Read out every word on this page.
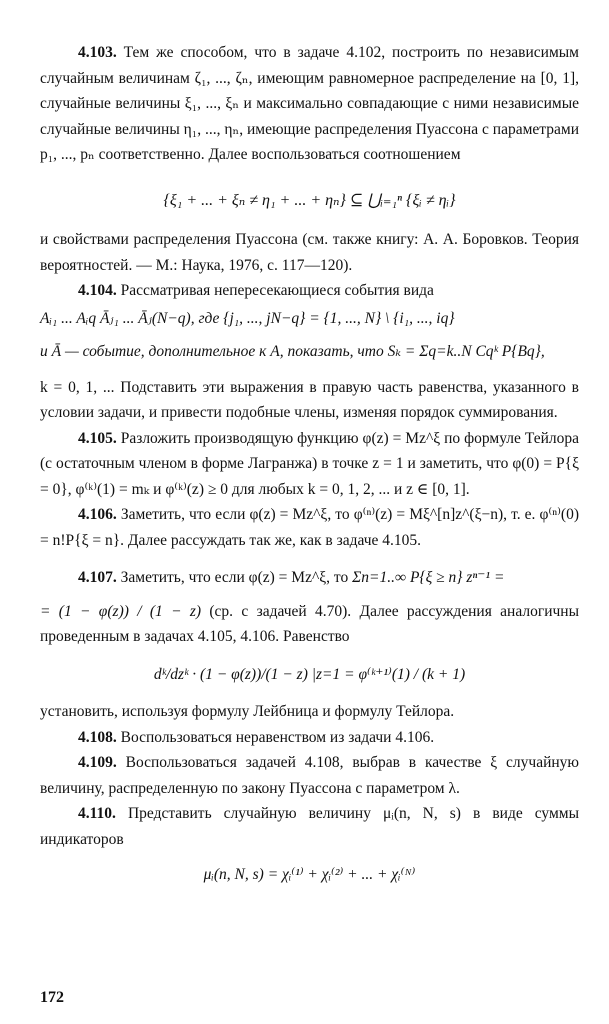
4.103. Тем же способом, что в задаче 4.102, построить по независимым случайным величинам ζ₁, ..., ζₙ, имеющим равномерное распределение на [0, 1], случайные величины ξ₁, ..., ξₙ и максимально совпадающие с ними независимые случайные величины η₁, ..., ηₙ, имеющие распределения Пуассона с параметрами p₁, ..., pₙ соответственно. Далее воспользоваться соотношением

{ξ₁ + ... + ξₙ ≠ η₁ + ... + ηₙ} ⊆ ⋃ᵢ₌₁ⁿ {ξᵢ ≠ ηᵢ}

и свойствами распределения Пуассона (см. также книгу: А. А. Боровков. Теория вероятностей. — М.: Наука, 1976, с. 117—120).

4.104. Рассматривая непересекающиеся события вида

Aᵢ₁ ... Aᵢq Āⱼ₁ ... Āⱼ(N−q), где {j₁, ..., jN−q} = {1, ..., N} \ {i₁, ..., iq}
и Ā — событие, дополнительное к A, показать, что Sₖ = Σq=k..N Cqᵏ P{Bq},

k = 0, 1, ... Подставить эти выражения в правую часть равенства, указанного в условии задачи, и привести подобные члены, изменяя порядок суммирования.

4.105. Разложить производящую функцию φ(z) = Mz^ξ по формуле Тейлора (с остаточным членом в форме Лагранжа) в точке z = 1 и заметить, что φ(0) = P{ξ = 0}, φ⁽ᵏ⁾(1) = mₖ и φ⁽ᵏ⁾(z) ≥ 0 для любых k = 0, 1, 2, ... и z ∈ [0, 1].

4.106. Заметить, что если φ(z) = Mz^ξ, то φ⁽ⁿ⁾(z) = Mξ^[n]z^(ξ−n), т. е. φ⁽ⁿ⁾(0) = n!P{ξ = n}. Далее рассуждать так же, как в задаче 4.105.

4.107. Заметить, что если φ(z) = Mz^ξ, то Σn=1..∞ P{ξ ≥ n} zⁿ⁻¹ =

= (1 − φ(z)) / (1 − z) (ср. с задачей 4.70). Далее рассуждения аналогичны проведенным в задачах 4.105, 4.106. Равенство

dᵏ/dzᵏ · (1 − φ(z))/(1 − z) |z=1 = φ⁽ᵏ⁺¹⁾(1) / (k + 1)

установить, используя формулу Лейбница и формулу Тейлора.

4.108. Воспользоваться неравенством из задачи 4.106.

4.109. Воспользоваться задачей 4.108, выбрав в качестве ξ случайную величину, распределенную по закону Пуассона с параметром λ.

4.110. Представить случайную величину μᵢ(n, N, s) в виде суммы индикаторов

μᵢ(n, N, s) = χᵢ⁽¹⁾ + χᵢ⁽²⁾ + ... + χᵢ⁽ᴺ⁾
172
